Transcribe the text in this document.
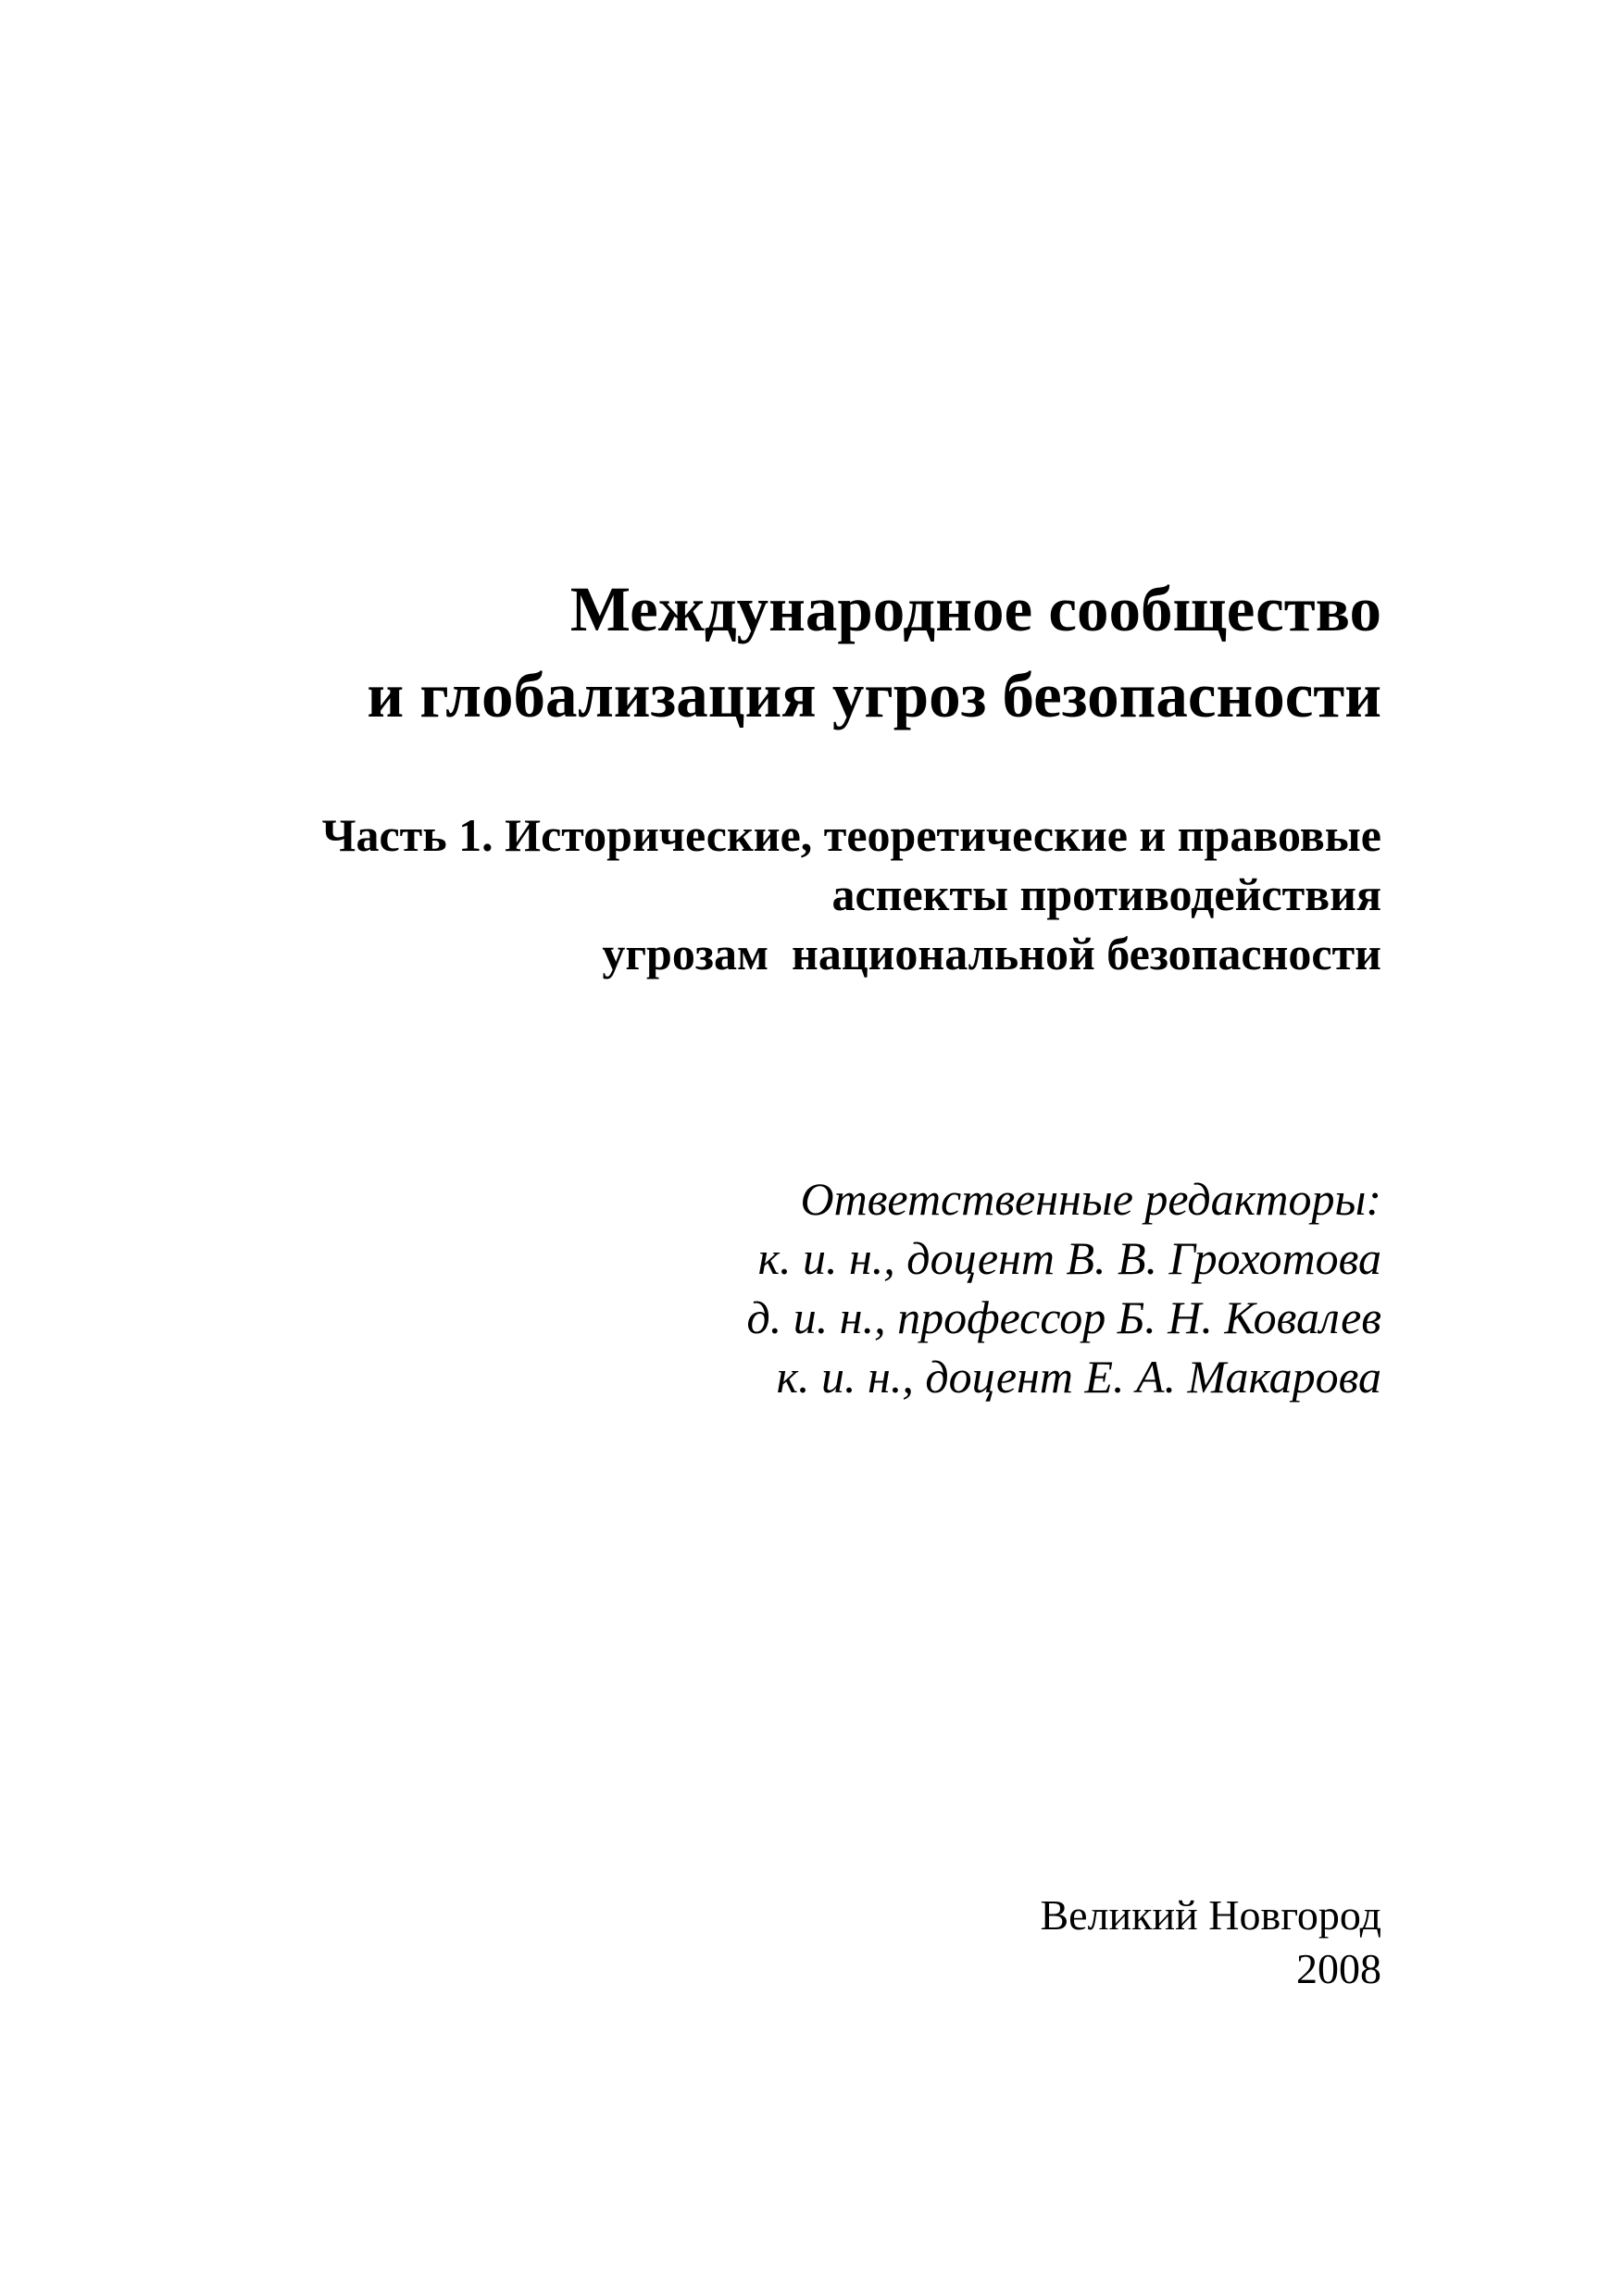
Международное сообщество
и глобализация угроз безопасности
Часть 1. Исторические, теоретические и правовые
аспекты противодействия
угрозам  национальной безопасности
Ответственные редакторы:
к. и. н., доцент В. В. Грохотова
д. и. н., профессор Б. Н. Ковалев
к. и. н., доцент Е. А. Макарова
Великий Новгород
2008
